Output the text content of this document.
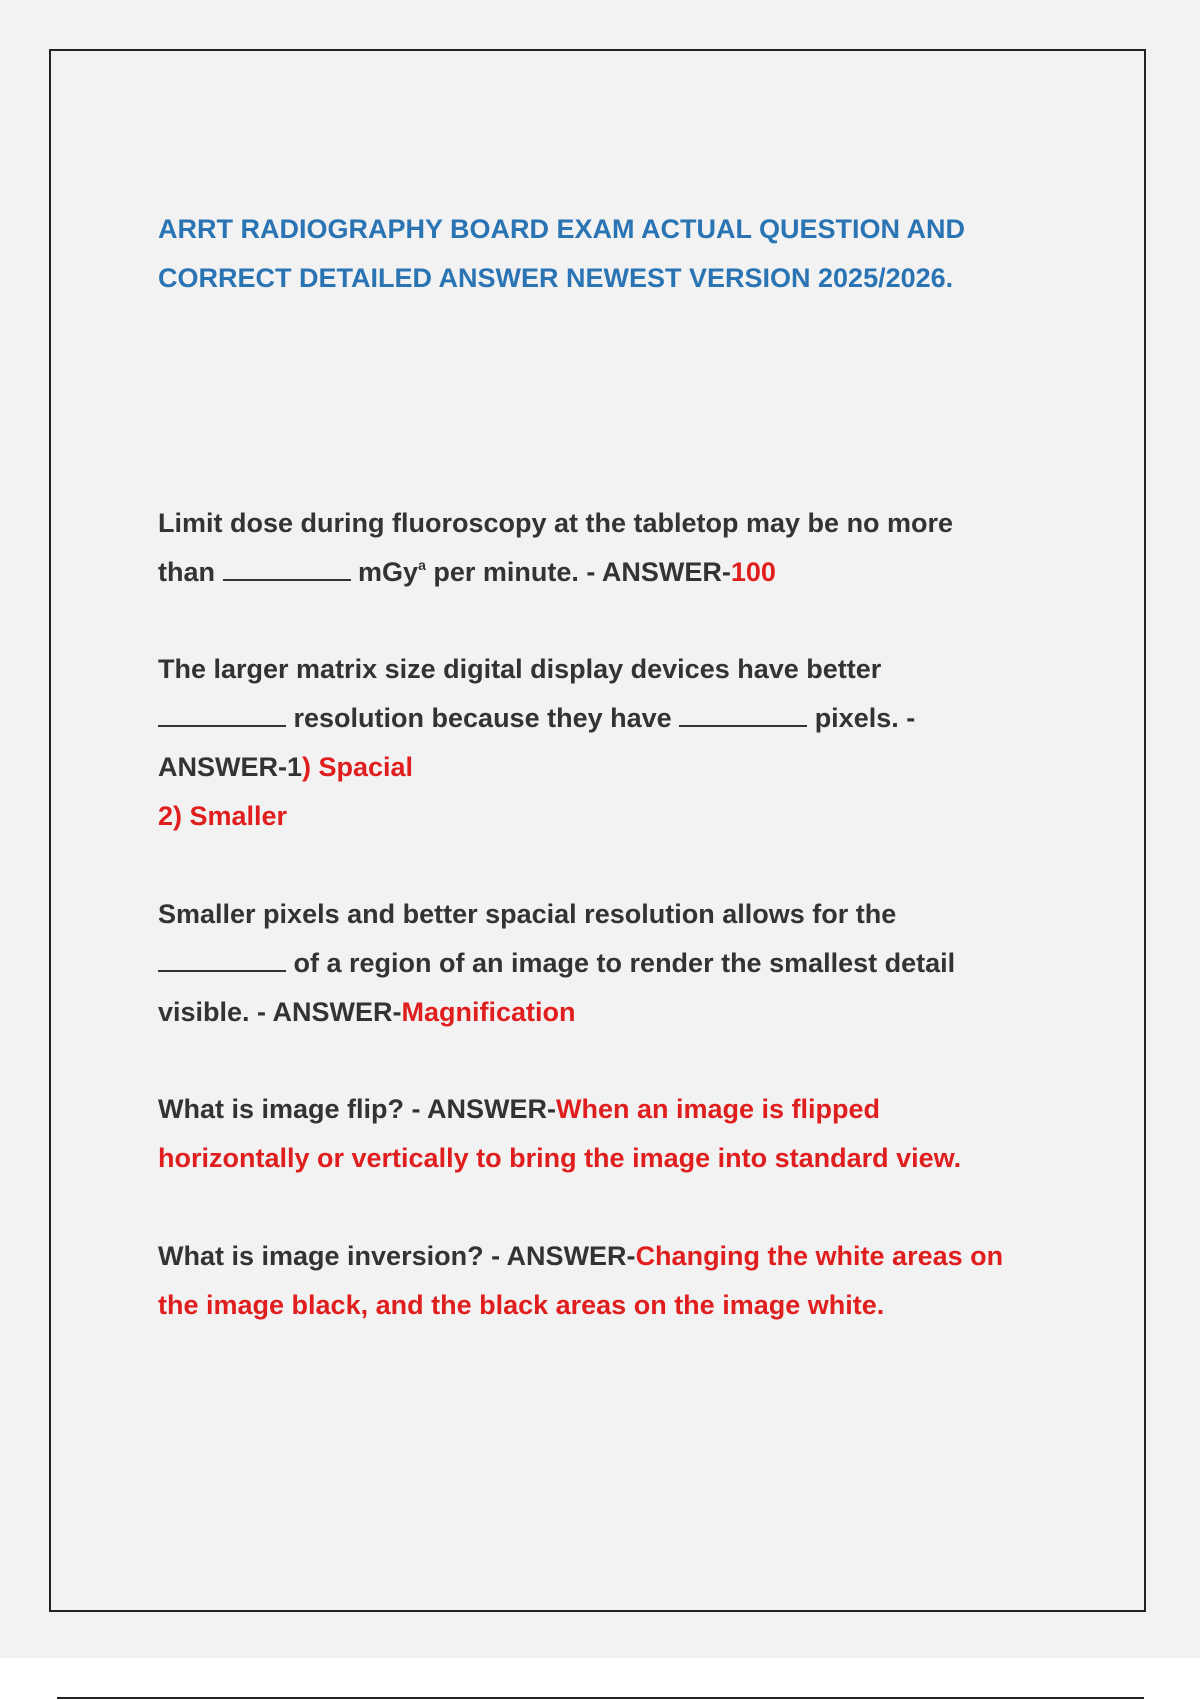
ARRT RADIOGRAPHY BOARD EXAM ACTUAL QUESTION AND
CORRECT DETAILED ANSWER NEWEST VERSION 2025/2026.

Limit dose during fluoroscopy at the tabletop may be no more
than	mGy$^a$ per minute. - ANSWER-100

The larger matrix size digital display devices have better
resolution because they have	pixels. -
ANSWER-1) Spacial
2) Smaller

Smaller pixels and better spacial resolution allows for the
of a region of an image to render the smallest detail
visible. - ANSWER-Magnification

What is image flip? - ANSWER-When an image is flipped
horizontally or vertically to bring the image into standard view.

What is image inversion? - ANSWER-Changing the white areas on
the image black, and the black areas on the image white.
